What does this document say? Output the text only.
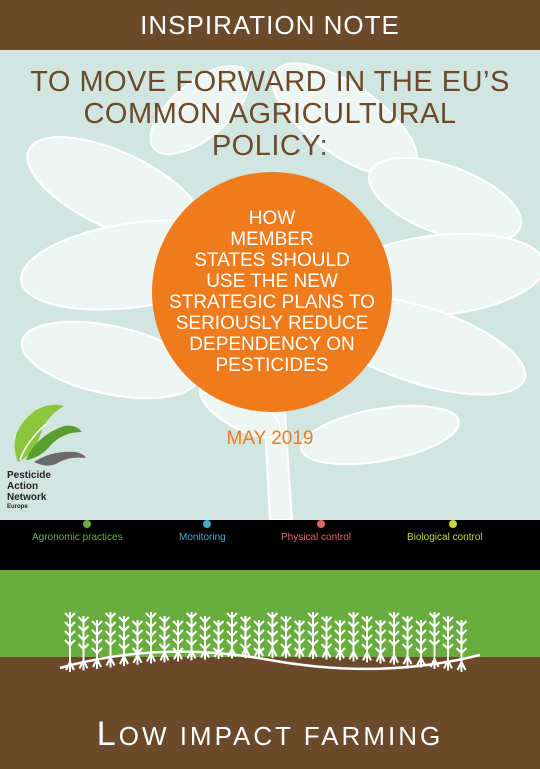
INSPIRATION NOTE
TO MOVE FORWARD IN THE EU’S
COMMON AGRICULTURAL
POLICY:
HOW
MEMBER
STATES SHOULD
USE THE NEW
STRATEGIC PLANS TO
SERIOUSLY REDUCE
DEPENDENCY ON
PESTICIDES
MAY 2019
Pesticide
Action
Network
Europe
Agronomic practices	Monitoring	Physical control	Biological control
LOW IMPACT FARMING
